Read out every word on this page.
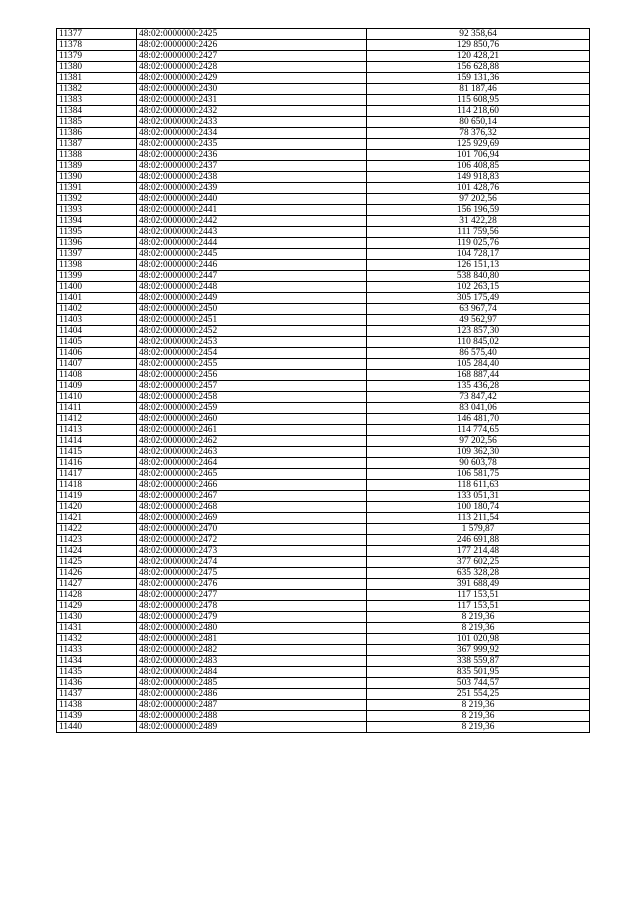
11377	48:02:0000000:2425	92 358,64
11378	48:02:0000000:2426	129 850,76
11379	48:02:0000000:2427	120 428,21
11380	48:02:0000000:2428	156 628,88
11381	48:02:0000000:2429	159 131,36
11382	48:02:0000000:2430	81 187,46
11383	48:02:0000000:2431	115 608,95
11384	48:02:0000000:2432	114 218,60
11385	48:02:0000000:2433	80 650,14
11386	48:02:0000000:2434	78 376,32
11387	48:02:0000000:2435	125 929,69
11388	48:02:0000000:2436	101 706,94
11389	48:02:0000000:2437	106 408,85
11390	48:02:0000000:2438	149 918,83
11391	48:02:0000000:2439	101 428,76
11392	48:02:0000000:2440	97 202,56
11393	48:02:0000000:2441	156 196,59
11394	48:02:0000000:2442	31 422,28
11395	48:02:0000000:2443	111 759,56
11396	48:02:0000000:2444	119 025,76
11397	48:02:0000000:2445	104 728,17
11398	48:02:0000000:2446	126 151,13
11399	48:02:0000000:2447	538 840,80
11400	48:02:0000000:2448	102 263,15
11401	48:02:0000000:2449	305 175,49
11402	48:02:0000000:2450	63 967,74
11403	48:02:0000000:2451	49 562,97
11404	48:02:0000000:2452	123 857,30
11405	48:02:0000000:2453	110 845,02
11406	48:02:0000000:2454	86 575,40
11407	48:02:0000000:2455	105 284,40
11408	48:02:0000000:2456	168 887,44
11409	48:02:0000000:2457	135 436,28
11410	48:02:0000000:2458	73 847,42
11411	48:02:0000000:2459	83 041,06
11412	48:02:0000000:2460	146 481,70
11413	48:02:0000000:2461	114 774,65
11414	48:02:0000000:2462	97 202,56
11415	48:02:0000000:2463	109 362,30
11416	48:02:0000000:2464	90 603,78
11417	48:02:0000000:2465	106 581,75
11418	48:02:0000000:2466	118 611,63
11419	48:02:0000000:2467	133 051,31
11420	48:02:0000000:2468	100 180,74
11421	48:02:0000000:2469	113 211,54
11422	48:02:0000000:2470	1 579,87
11423	48:02:0000000:2472	246 691,88
11424	48:02:0000000:2473	177 214,48
11425	48:02:0000000:2474	377 602,25
11426	48:02:0000000:2475	635 328,28
11427	48:02:0000000:2476	391 688,49
11428	48:02:0000000:2477	117 153,51
11429	48:02:0000000:2478	117 153,51
11430	48:02:0000000:2479	8 219,36
11431	48:02:0000000:2480	8 219,36
11432	48:02:0000000:2481	101 020,98
11433	48:02:0000000:2482	367 999,92
11434	48:02:0000000:2483	338 559,87
11435	48:02:0000000:2484	835 501,95
11436	48:02:0000000:2485	503 744,57
11437	48:02:0000000:2486	251 554,25
11438	48:02:0000000:2487	8 219,36
11439	48:02:0000000:2488	8 219,36
11440	48:02:0000000:2489	8 219,36
